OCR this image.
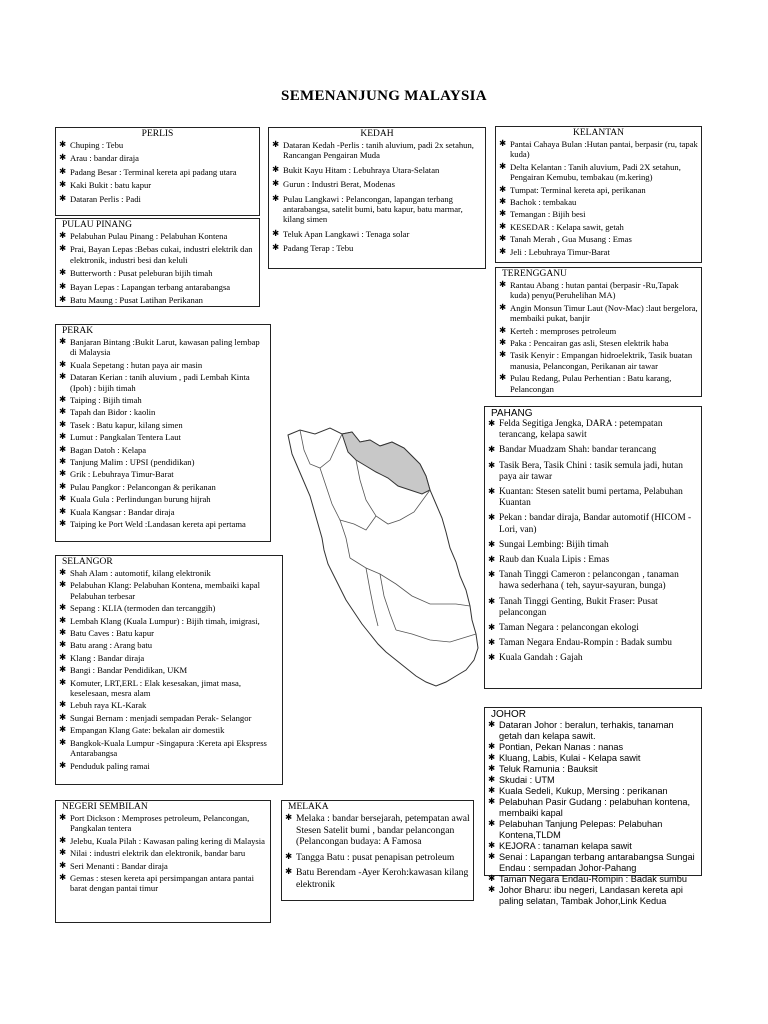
SEMENANJUNG MALAYSIA
PERLIS
✱ Chuping : Tebu
✱ Arau : bandar diraja
✱ Padang Besar : Terminal kereta api padang utara
✱ Kaki Bukit : batu kapur
✱ Dataran Perlis : Padi
PULAU PINANG
✱ Pelabuhan Pulau Pinang : Pelabuhan Kontena
✱ Prai, Bayan Lepas :Bebas cukai, industri elektrik dan elektronik, industri besi dan keluli
✱ Butterworth : Pusat peleburan bijih timah
✱ Bayan Lepas : Lapangan terbang antarabangsa
✱ Batu Maung : Pusat Latihan Perikanan
KEDAH
✱ Dataran Kedah -Perlis : tanih aluvium, padi 2x setahun, Rancangan Pengairan Muda
✱ Bukit Kayu Hitam : Lebuhraya Utara-Selatan
✱ Gurun : Industri Berat, Modenas
✱ Pulau Langkawi : Pelancongan, lapangan terbang antarabangsa, satelit bumi, batu kapur, batu marmar, kilang simen
✱ Teluk Apan Langkawi : Tenaga solar
✱ Padang Terap : Tebu
KELANTAN
✱ Pantai Cahaya Bulan :Hutan pantai, berpasir (ru, tapak kuda)
✱ Delta Kelantan : Tanih aluvium, Padi 2X setahun, Pengairan Kemubu, tembakau (m.kering)
✱ Tumpat: Terminal kereta api, perikanan
✱ Bachok : tembakau
✱ Temangan : Bijih besi
✱ KESEDAR : Kelapa sawit, getah
✱ Tanah Merah , Gua Musang : Emas
✱ Jeli : Lebuhraya Timur-Barat
TERENGGANU
✱ Rantau Abang : hutan pantai (berpasir -Ru,Tapak kuda) penyu(Peruhelihan MA)
✱ Angin Monsun Timur Laut (Nov-Mac) :laut bergelora, membaiki pukat, banjir
✱ Kerteh : memproses petroleum
✱ Paka : Pencairan gas asli, Stesen elektrik haba
✱ Tasik Kenyir : Empangan hidroelektrik, Tasik buatan manusia, Pelancongan, Perikanan air tawar
✱ Pulau Redang, Pulau Perhentian : Batu karang, Pelancongan
PERAK
✱ Banjaran Bintang :Bukit Larut, kawasan paling lembap di Malaysia
✱ Kuala Sepetang : hutan paya air masin
✱ Dataran Kerian : tanih aluvium , padi Lembah Kinta (Ipoh) : bijih timah
✱ Taiping : Bijih timah
✱ Tapah dan Bidor : kaolin
✱ Tasek : Batu kapur, kilang simen
✱ Lumut : Pangkalan Tentera Laut
✱ Bagan Datoh : Kelapa
✱ Tanjung Malim : UPSI (pendidikan)
✱ Grik : Lebuhraya Timur-Barat
✱ Pulau Pangkor : Pelancongan & perikanan
✱ Kuala Gula : Perlindungan burung hijrah
✱ Kuala Kangsar : Bandar diraja
✱ Taiping ke Port Weld :Landasan kereta api pertama
PAHANG
✱ Felda Segitiga Jengka, DARA : petempatan terancang, kelapa sawit
✱ Bandar Muadzam Shah: bandar terancang
✱ Tasik Bera, Tasik Chini : tasik semula jadi, hutan paya air tawar
✱ Kuantan: Stesen satelit bumi pertama, Pelabuhan Kuantan
✱ Pekan : bandar diraja, Bandar automotif (HICOM - Lori, van)
✱ Sungai Lembing: Bijih timah
✱ Raub dan Kuala Lipis : Emas
✱ Tanah Tinggi Cameron : pelancongan , tanaman hawa sederhana ( teh, sayur-sayuran, bunga)
✱ Tanah Tinggi Genting, Bukit Fraser: Pusat pelancongan
✱ Taman Negara : pelancongan ekologi
✱ Taman Negara Endau-Rompin : Badak sumbu
✱ Kuala Gandah : Gajah
SELANGOR
✱ Shah Alam : automotif, kilang elektronik
✱ Pelabuhan Klang: Pelabuhan Kontena, membaiki kapal Pelabuhan terbesar
✱ Sepang : KLIA (termoden dan tercanggih)
✱ Lembah Klang (Kuala Lumpur) : Bijih timah, imigrasi,
✱ Batu Caves : Batu kapur
✱ Batu arang : Arang batu
✱ Klang : Bandar diraja
✱ Bangi : Bandar Pendidikan, UKM
✱ Komuter, LRT,ERL : Elak kesesakan, jimat masa, keselesaan, mesra alam
✱ Lebuh raya KL-Karak
✱ Sungai Bernam : menjadi sempadan Perak- Selangor
✱ Empangan Klang Gate: bekalan air domestik
✱ Bangkok-Kuala Lumpur -Singapura :Kereta api Ekspress Antarabangsa
✱ Penduduk paling ramai
JOHOR
✱ Dataran Johor : beralun, terhakis, tanaman getah dan kelapa sawit.
✱ Pontian, Pekan Nanas : nanas
✱ Kluang, Labis, Kulai - Kelapa sawit
✱ Teluk Ramunia : Bauksit
✱ Skudai : UTM
✱ Kuala Sedeli, Kukup, Mersing : perikanan
✱ Pelabuhan Pasir Gudang : pelabuhan kontena, membaiki kapal
✱ Pelabuhan Tanjung Pelepas: Pelabuhan Kontena,TLDM
✱ KEJORA : tanaman kelapa sawit
✱ Senai : Lapangan terbang antarabangsa Sungai Endau : sempadan Johor-Pahang
✱ Taman Negara Endau-Rompin : Badak sumbu
✱ Johor Bharu: ibu negeri, Landasan kereta api paling selatan, Tambak Johor,Link Kedua
NEGERI SEMBILAN
✱ Port Dickson : Memproses petroleum, Pelancongan, Pangkalan tentera
✱ Jelebu, Kuala Pilah : Kawasan paling kering di Malaysia
✱ Nilai : industri elektrik dan elektronik, bandar baru
✱ Seri Menanti : Bandar diraja
✱ Gemas : stesen kereta api persimpangan antara pantai barat dengan pantai timur
MELAKA
✱ Melaka : bandar bersejarah, petempatan awal Stesen Satelit bumi , bandar pelancongan (Pelancongan budaya: A Famosa
✱ Tangga Batu : pusat penapisan petroleum
✱ Batu Berendam -Ayer Keroh:kawasan kilang elektronik
